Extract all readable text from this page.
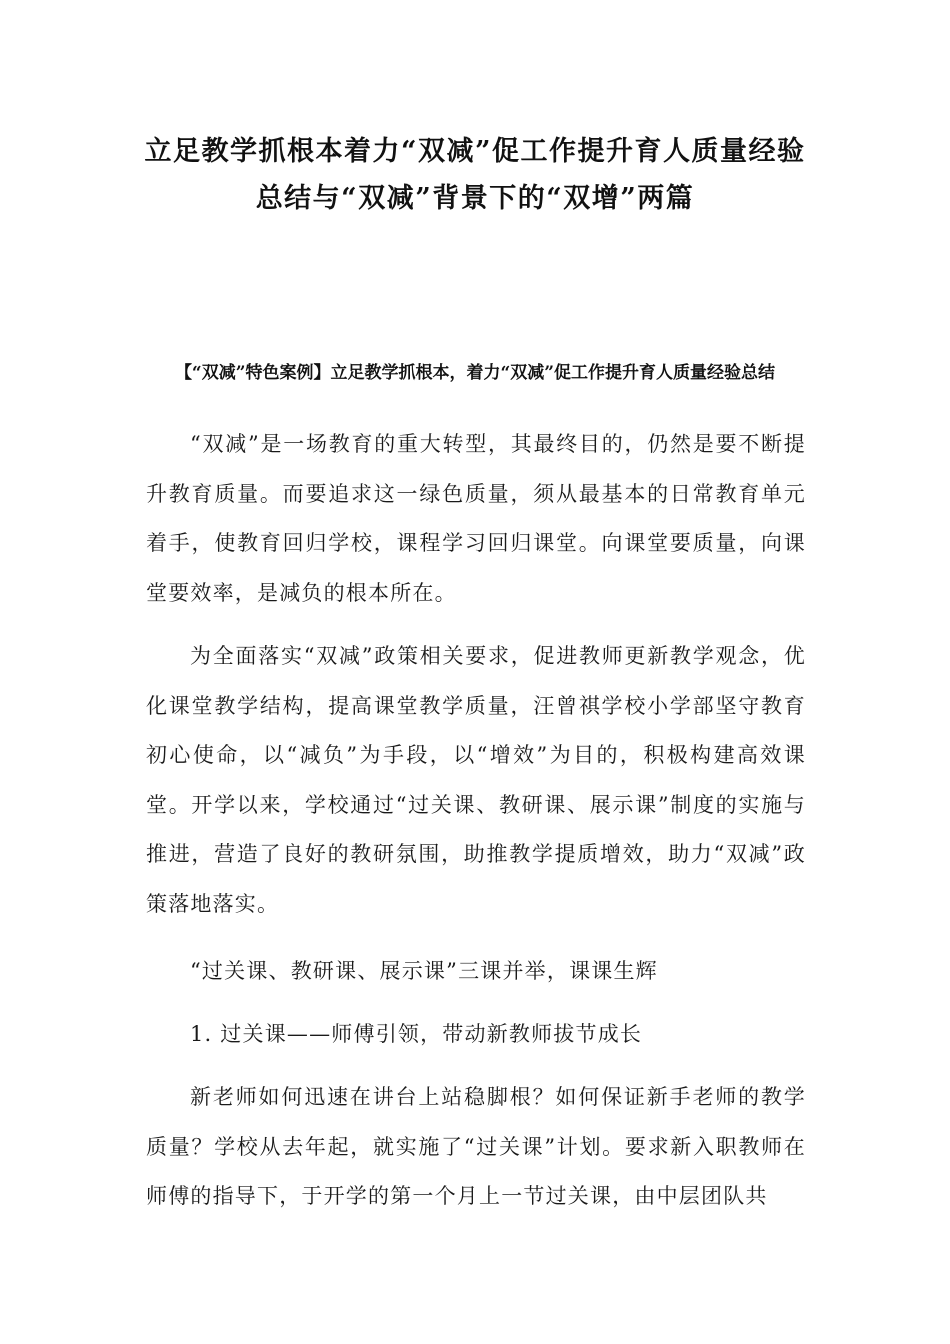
立足教学抓根本着力“双减”促工作提升育人质量经验总结与“双减”背景下的“双增”两篇
【“双减”特色案例】立足教学抓根本，着力“双减”促工作提升育人质量经验总结

“双减”是一场教育的重大转型，其最终目的，仍然是要不断提升教育质量。而要追求这一绿色质量，须从最基本的日常教育单元着手，使教育回归学校，课程学习回归课堂。向课堂要质量，向课堂要效率，是减负的根本所在。

为全面落实“双减”政策相关要求，促进教师更新教学观念，优化课堂教学结构，提高课堂教学质量，汪曾祺学校小学部坚守教育初心使命，以“减负”为手段，以“增效”为目的，积极构建高效课堂。开学以来，学校通过“过关课、教研课、展示课”制度的实施与推进，营造了良好的教研氛围，助推教学提质增效，助力“双减”政策落地落实。

“过关课、教研课、展示课”三课并举，课课生辉

1. 过关课——师傅引领，带动新教师拔节成长

新老师如何迅速在讲台上站稳脚根？如何保证新手老师的教学质量？学校从去年起，就实施了“过关课”计划。要求新入职教师在师傅的指导下，于开学的第一个月上一节过关课，由中层团队共
